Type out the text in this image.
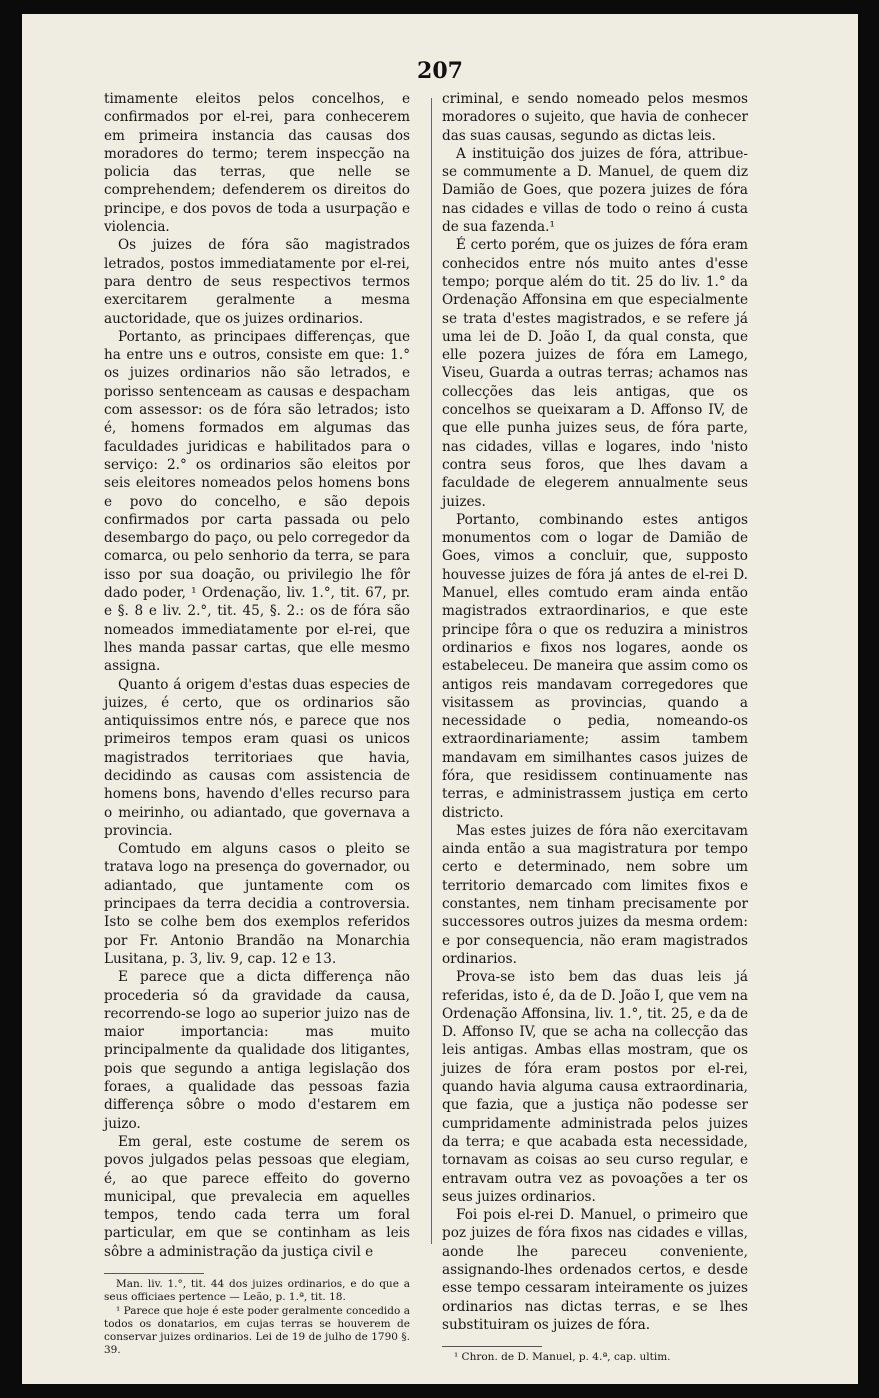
207

timamente eleitos pelos concelhos, e confirmados por el-rei, para conhecerem em primeira instancia das causas dos moradores do termo; terem inspecção na policia das terras, que nelle se comprehendem; defenderem os direitos do principe, e dos povos de toda a usurpação e violencia.

Os juizes de fóra são magistrados letrados, postos immediatamente por el-rei, para dentro de seus respectivos termos exercitarem geralmente a mesma auctoridade, que os juizes ordinarios.

Portanto, as principaes differenças, que ha entre uns e outros, consiste em que: 1.° os juizes ordinarios não são letrados, e porisso sentenceam as causas e despacham com assessor: os de fóra são letrados; isto é, homens formados em algumas das faculdades juridicas e habilitados para o serviço: 2.° os ordinarios são eleitos por seis eleitores nomeados pelos homens bons e povo do concelho, e são depois confirmados por carta passada ou pelo desembargo do paço, ou pelo corregedor da comarca, ou pelo senhorio da terra, se para isso por sua doação, ou privilegio lhe fôr dado poder, ¹ Ordenação, liv. 1.°, tit. 67, pr. e §. 8 e liv. 2.°, tit. 45, §. 2.: os de fóra são nomeados immediatamente por el-rei, que lhes manda passar cartas, que elle mesmo assigna.

Quanto á origem d'estas duas especies de juizes, é certo, que os ordinarios são antiquissimos entre nós, e parece que nos primeiros tempos eram quasi os unicos magistrados territoriaes que havia, decidindo as causas com assistencia de homens bons, havendo d'elles recurso para o meirinho, ou adiantado, que governava a provincia.

Comtudo em alguns casos o pleito se tratava logo na presença do governador, ou adiantado, que juntamente com os principaes da terra decidia a controversia. Isto se colhe bem dos exemplos referidos por Fr. Antonio Brandão na Monarchia Lusitana, p. 3, liv. 9, cap. 12 e 13.

E parece que a dicta differença não procederia só da gravidade da causa, recorrendo-se logo ao superior juizo nas de maior importancia: mas muito principalmente da qualidade dos litigantes, pois que segundo a antiga legislação dos foraes, a qualidade das pessoas fazia differença sôbre o modo d'estarem em juizo.

Em geral, este costume de serem os povos julgados pelas pessoas que elegiam, é, ao que parece effeito do governo municipal, que prevalecia em aquelles tempos, tendo cada terra um foral particular, em que se continham as leis sôbre a administração da justiça civil e

Man. liv. 1.°, tit. 44 dos juizes ordinarios, e do que a seus officiaes pertence — Leão, p. 1.ª, tit. 18.

¹ Parece que hoje é este poder geralmente concedido a todos os donatarios, em cujas terras se houverem de conservar juizes ordinarios. Lei de 19 de julho de 1790 §. 39.

criminal, e sendo nomeado pelos mesmos moradores o sujeito, que havia de conhecer das suas causas, segundo as dictas leis.

A instituição dos juizes de fóra, attribue-se commumente a D. Manuel, de quem diz Damião de Goes, que pozera juizes de fóra nas cidades e villas de todo o reino á custa de sua fazenda.¹

É certo porém, que os juizes de fóra eram conhecidos entre nós muito antes d'esse tempo; porque além do tit. 25 do liv. 1.° da Ordenação Affonsina em que especialmente se trata d'estes magistrados, e se refere já uma lei de D. João I, da qual consta, que elle pozera juizes de fóra em Lamego, Viseu, Guarda a outras terras; achamos nas collecções das leis antigas, que os concelhos se queixaram a D. Affonso IV, de que elle punha juizes seus, de fóra parte, nas cidades, villas e logares, indo 'nisto contra seus foros, que lhes davam a faculdade de elegerem annualmente seus juizes.

Portanto, combinando estes antigos monumentos com o logar de Damião de Goes, vimos a concluir, que, supposto houvesse juizes de fóra já antes de el-rei D. Manuel, elles comtudo eram ainda então magistrados extraordinarios, e que este principe fôra o que os reduzira a ministros ordinarios e fixos nos logares, aonde os estabeleceu. De maneira que assim como os antigos reis mandavam corregedores que visitassem as provincias, quando a necessidade o pedia, nomeando-os extraordinariamente; assim tambem mandavam em similhantes casos juizes de fóra, que residissem continuamente nas terras, e administrassem justiça em certo districto.

Mas estes juizes de fóra não exercitavam ainda então a sua magistratura por tempo certo e determinado, nem sobre um territorio demarcado com limites fixos e constantes, nem tinham precisamente por successores outros juizes da mesma ordem: e por consequencia, não eram magistrados ordinarios.

Prova-se isto bem das duas leis já referidas, isto é, da de D. João I, que vem na Ordenação Affonsina, liv. 1.°, tit. 25, e da de D. Affonso IV, que se acha na collecção das leis antigas. Ambas ellas mostram, que os juizes de fóra eram postos por el-rei, quando havia alguma causa extraordinaria, que fazia, que a justiça não podesse ser cumpridamente administrada pelos juizes da terra; e que acabada esta necessidade, tornavam as coisas ao seu curso regular, e entravam outra vez as povoações a ter os seus juizes ordinarios.

Foi pois el-rei D. Manuel, o primeiro que poz juizes de fóra fixos nas cidades e villas, aonde lhe pareceu conveniente, assignando-lhes ordenados certos, e desde esse tempo cessaram inteiramente os juizes ordinarios nas dictas terras, e se lhes substituiram os juizes de fóra.

¹ Chron. de D. Manuel, p. 4.ª, cap. ultim.
